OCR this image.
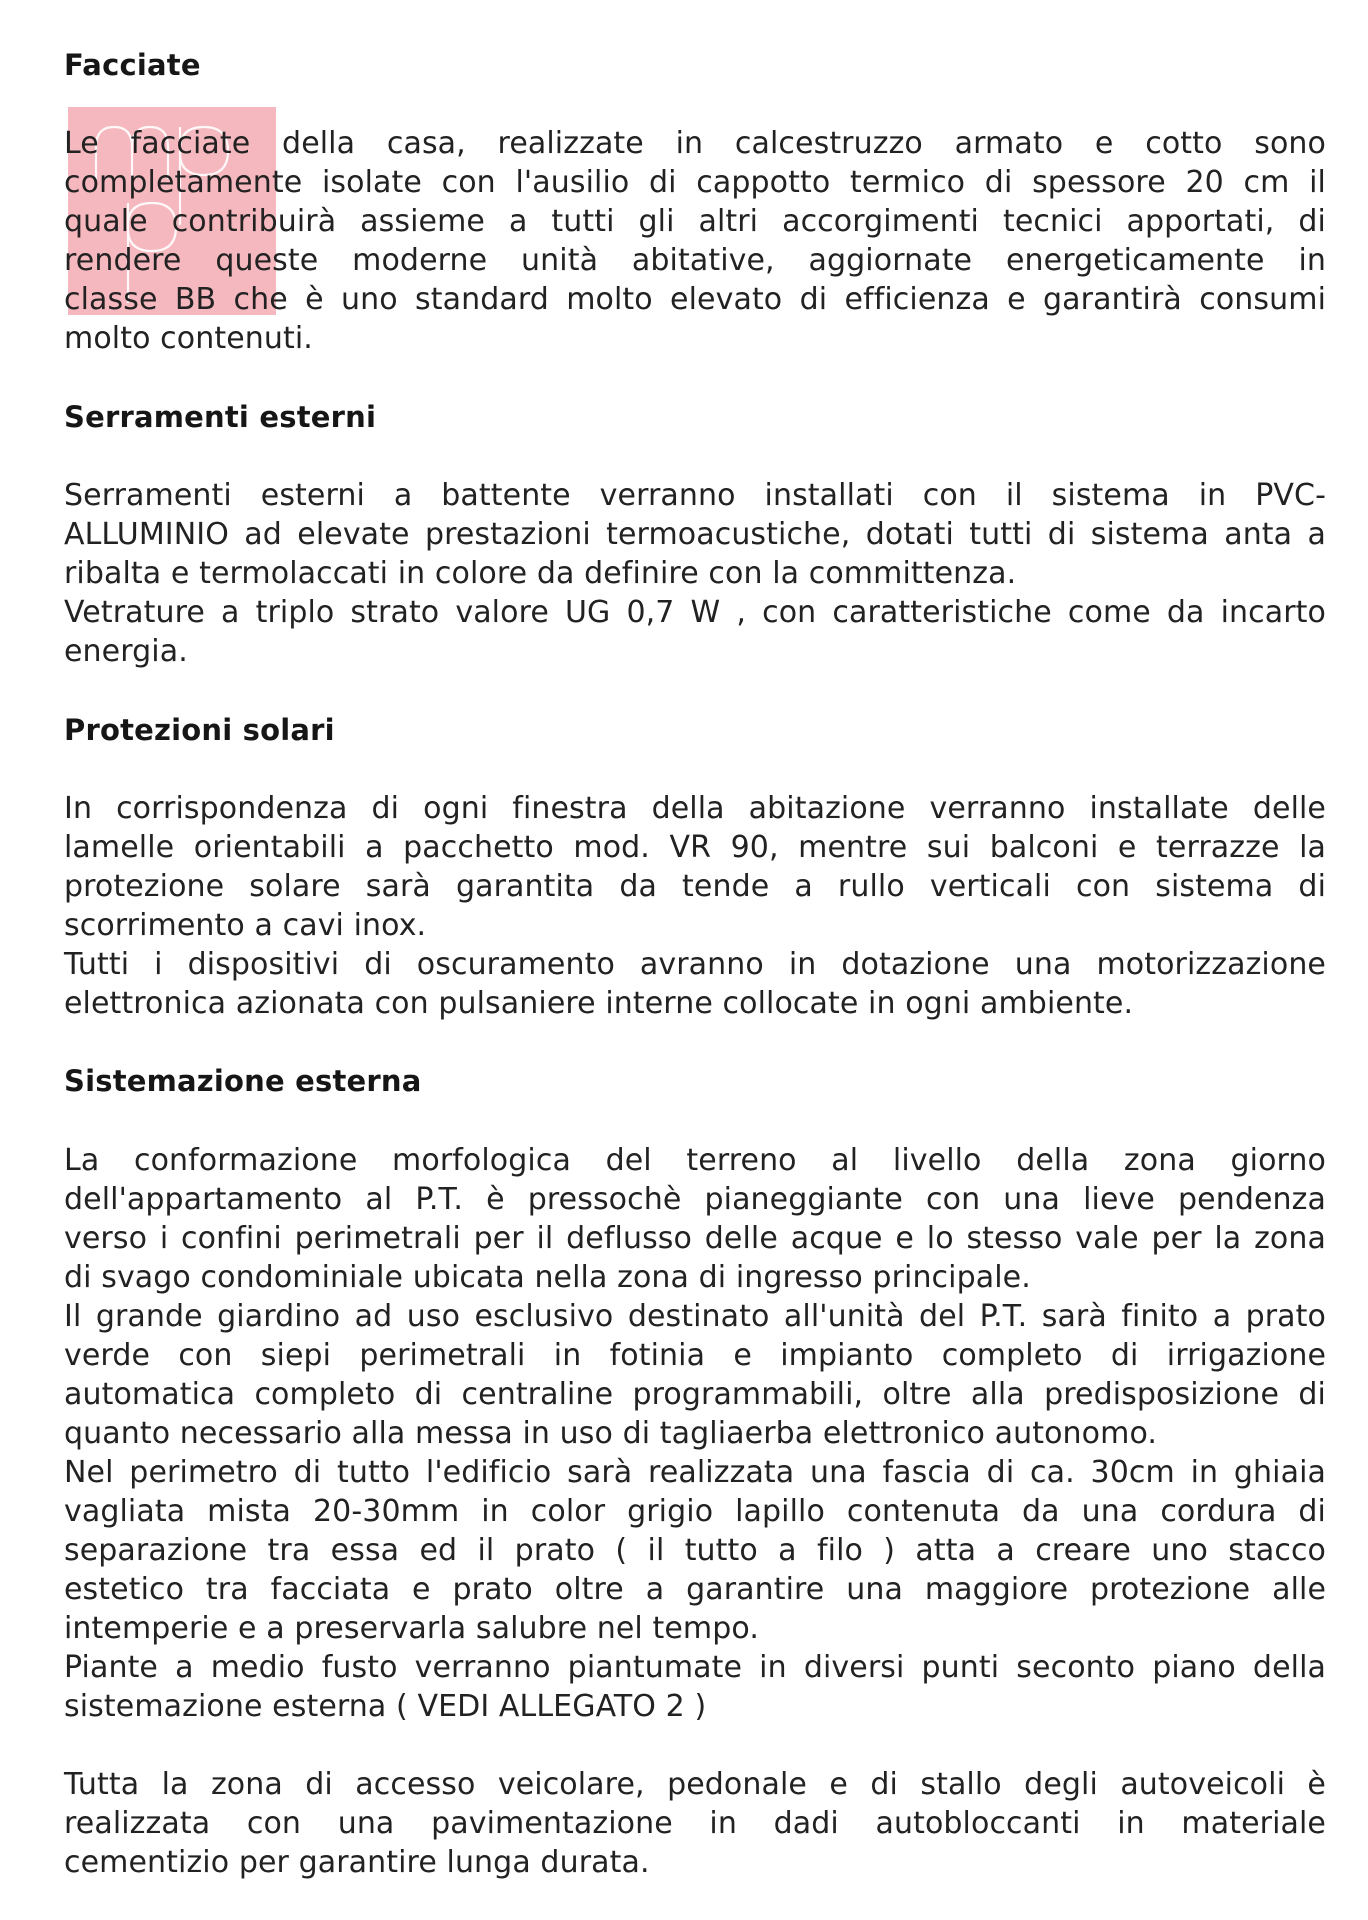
Facciate

Le facciate della casa, realizzate in calcestruzzo armato e cotto sono
completamente isolate con l'ausilio di cappotto termico di spessore 20 cm il
quale contribuirà assieme a tutti gli altri accorgimenti tecnici apportati, di
rendere queste moderne unità abitative, aggiornate energeticamente in
classe BB che è uno standard molto elevato di efficienza e garantirà consumi
molto contenuti.

Serramenti esterni

Serramenti esterni a battente verranno installati con il sistema in PVC-
ALLUMINIO ad elevate prestazioni termoacustiche, dotati tutti di sistema anta a
ribalta e termolaccati in colore da definire con la committenza.
Vetrature a triplo strato valore UG 0,7 W , con caratteristiche come da incarto
energia.

Protezioni solari

In corrispondenza di ogni finestra della abitazione verranno installate delle
lamelle orientabili a pacchetto mod. VR 90, mentre sui balconi e terrazze la
protezione solare sarà garantita da tende a rullo verticali con sistema di
scorrimento a cavi inox.
Tutti i dispositivi di oscuramento avranno in dotazione una motorizzazione
elettronica azionata con pulsaniere interne collocate in ogni ambiente.

Sistemazione esterna

La conformazione morfologica del terreno al livello della zona giorno
dell'appartamento al P.T. è pressochè pianeggiante con una lieve pendenza
verso i confini perimetrali per il deflusso delle acque e lo stesso vale per la zona
di svago condominiale ubicata nella zona di ingresso principale.
Il grande giardino ad uso esclusivo destinato all'unità del P.T. sarà finito a prato
verde con siepi perimetrali in fotinia e impianto completo di irrigazione
automatica completo di centraline programmabili, oltre alla predisposizione di
quanto necessario alla messa in uso di tagliaerba elettronico autonomo.
Nel perimetro di tutto l'edificio sarà realizzata una fascia di ca. 30cm in ghiaia
vagliata mista 20-30mm in color grigio lapillo contenuta da una cordura di
separazione tra essa ed il prato ( il tutto a filo ) atta a creare uno stacco
estetico tra facciata e prato oltre a garantire una maggiore protezione alle
intemperie e a preservarla salubre nel tempo.
Piante a medio fusto verranno piantumate in diversi punti seconto piano della
sistemazione esterna ( VEDI ALLEGATO 2 )

Tutta la zona di accesso veicolare, pedonale e di stallo degli autoveicoli è
realizzata con una pavimentazione in dadi autobloccanti in materiale
cementizio per garantire lunga durata.
